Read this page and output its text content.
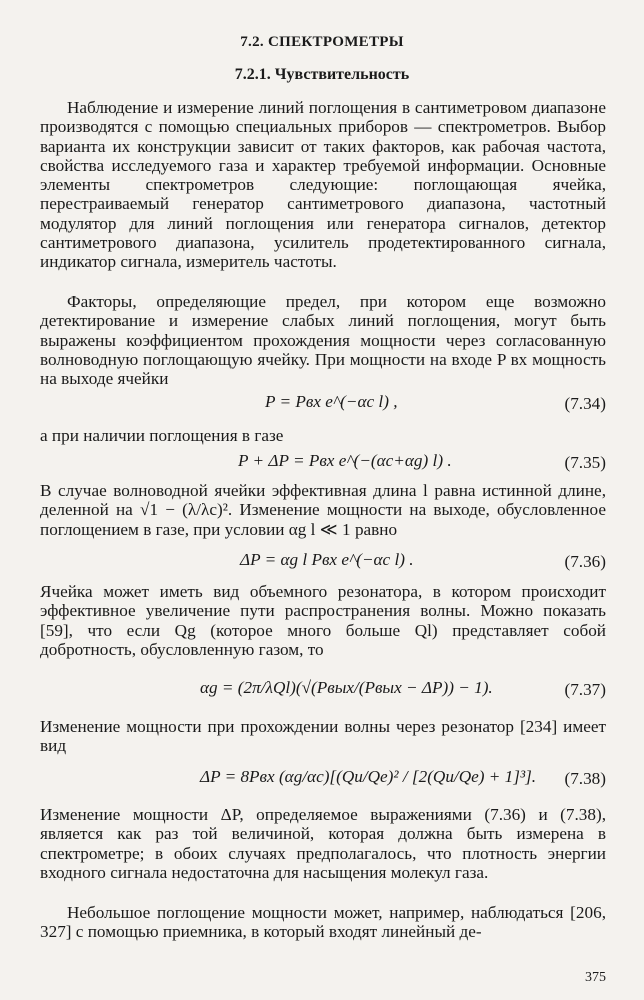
7.2. СПЕКТРОМЕТРЫ
7.2.1. Чувствительность

Наблюдение и измерение линий поглощения в сантиметровом диапазоне производятся с помощью специальных приборов — спектрометров. Выбор варианта их конструкции зависит от таких факторов, как рабочая частота, свойства исследуемого газа и характер требуемой информации. Основные элементы спектрометров следующие: поглощающая ячейка, перестраиваемый генератор сантиметрового диапазона, частотный модулятор для линий поглощения или генератора сигналов, детектор сантиметрового диапазона, усилитель продетектированного сигнала, индикатор сигнала, измеритель частоты.

Факторы, определяющие предел, при котором еще возможно детектирование и измерение слабых линий поглощения, могут быть выражены коэффициентом прохождения мощности через согласованную волноводную поглощающую ячейку. При мощности на входе P вх мощность на выходе ячейки

P = Pвх e^(−αc l) ,	(7.34)

а при наличии поглощения в газе

P + ΔP = Pвх e^(−(αc+αg) l) .	(7.35)

В случае волноводной ячейки эффективная длина l равна истинной длине, деленной на √1 − (λ/λc)². Изменение мощности на выходе, обусловленное поглощением в газе, при условии αg l ≪ 1 равно

ΔP = αg l Pвх e^(−αc l) .	(7.36)

Ячейка может иметь вид объемного резонатора, в котором происходит эффективное увеличение пути распространения волны. Можно показать [59], что если Qg (которое много больше Ql) представляет собой добротность, обусловленную газом, то

αg = (2π/λQl)(√(Pвых/(Pвых − ΔP)) − 1).	(7.37)

Изменение мощности при прохождении волны через резонатор [234] имеет вид

ΔP = 8Pвх (αg/αc)[(Qu/Qe)² / [2(Qu/Qe) + 1]³]. (7.38)

Изменение мощности ΔP, определяемое выражениями (7.36) и (7.38), является как раз той величиной, которая должна быть измерена в спектрометре; в обоих случаях предполагалось, что плотность энергии входного сигнала недостаточна для насыщения молекул газа.

Небольшое поглощение мощности может, например, наблюдаться [206, 327] с помощью приемника, в который входят линейный де-

375
